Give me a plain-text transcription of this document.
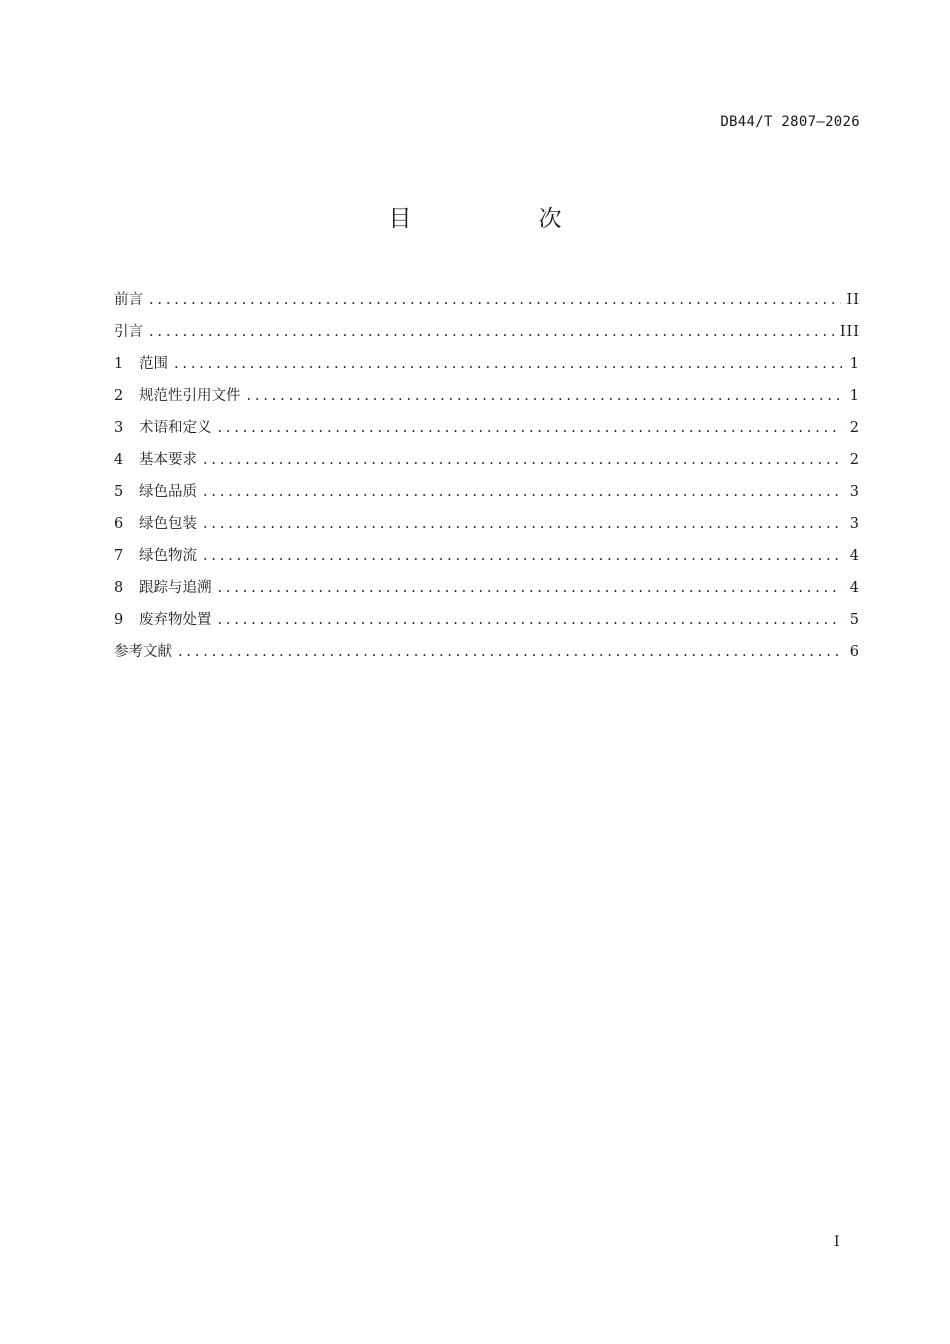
DB44/T 2807—2026
目　次
前言 . . .	II
引言 . . .	III
1	范围 . . .	1
2	规范性引用文件 . . .	1
3	术语和定义 . . .	2
4	基本要求 . . .	2
5	绿色品质 . . .	3
6	绿色包装 . . .	3
7	绿色物流 . . .	4
8	跟踪与追溯 . . .	4
9	废弃物处置 . . .	5
参考文献 . . .	6
I
